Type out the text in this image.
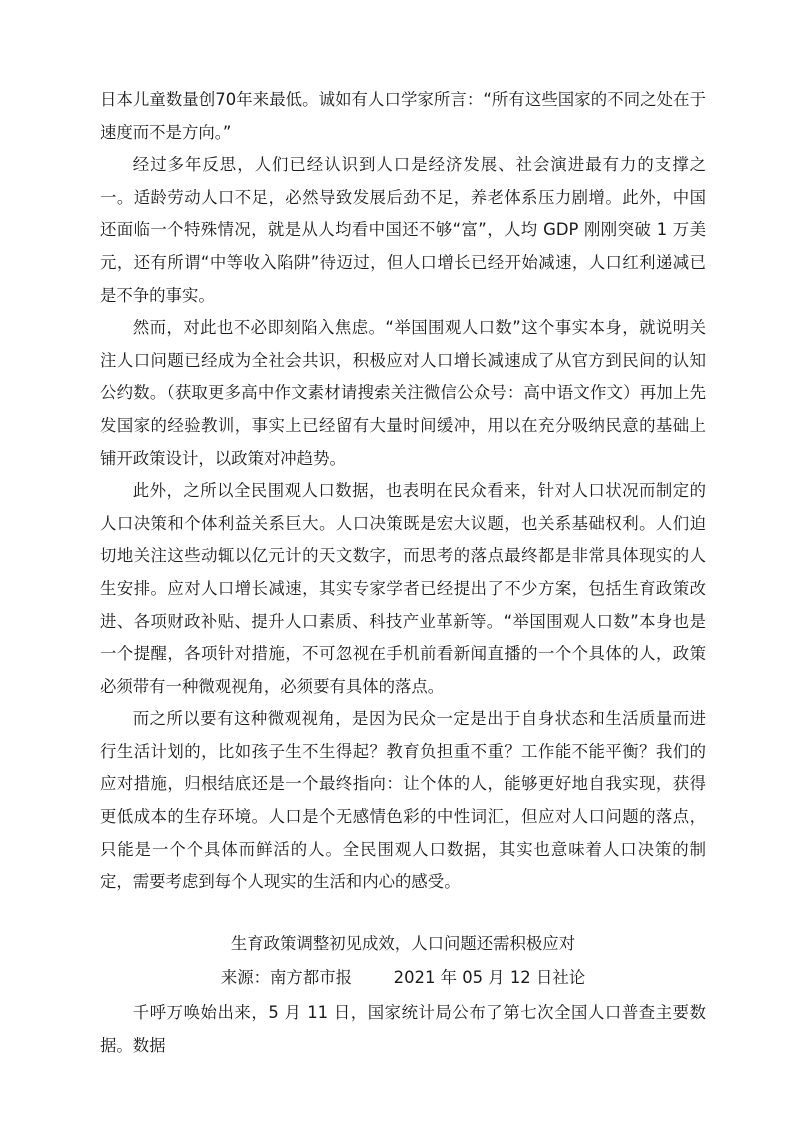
日本儿童数量创70年来最低。诚如有人口学家所言：“所有这些国家的不同之处在于速度而不是方向。”

经过多年反思，人们已经认识到人口是经济发展、社会演进最有力的支撑之一。适龄劳动人口不足，必然导致发展后劲不足，养老体系压力剧增。此外，中国还面临一个特殊情况，就是从人均看中国还不够“富”，人均 GDP 刚刚突破 1 万美元，还有所谓“中等收入陷阱”待迈过，但人口增长已经开始减速，人口红利递减已是不争的事实。

然而，对此也不必即刻陷入焦虑。“举国围观人口数”这个事实本身，就说明关注人口问题已经成为全社会共识，积极应对人口增长减速成了从官方到民间的认知公约数。（获取更多高中作文素材请搜索关注微信公众号：高中语文作文）再加上先发国家的经验教训，事实上已经留有大量时间缓冲，用以在充分吸纳民意的基础上铺开政策设计，以政策对冲趋势。

此外，之所以全民围观人口数据，也表明在民众看来，针对人口状况而制定的人口决策和个体利益关系巨大。人口决策既是宏大议题，也关系基础权利。人们迫切地关注这些动辄以亿元计的天文数字，而思考的落点最终都是非常具体现实的人生安排。应对人口增长减速，其实专家学者已经提出了不少方案，包括生育政策改进、各项财政补贴、提升人口素质、科技产业革新等。“举国围观人口数”本身也是一个提醒，各项针对措施，不可忽视在手机前看新闻直播的一个个具体的人，政策必须带有一种微观视角，必须要有具体的落点。

而之所以要有这种微观视角，是因为民众一定是出于自身状态和生活质量而进行生活计划的，比如孩子生不生得起？教育负担重不重？工作能不能平衡？我们的应对措施，归根结底还是一个最终指向：让个体的人，能够更好地自我实现，获得更低成本的生存环境。人口是个无感情色彩的中性词汇，但应对人口问题的落点，只能是一个个具体而鲜活的人。全民围观人口数据，其实也意味着人口决策的制定，需要考虑到每个人现实的生活和内心的感受。

生育政策调整初见成效，人口问题还需积极应对

来源：南方都市报        2021 年 05 月 12 日社论

千呼万唤始出来，5 月 11 日，国家统计局公布了第七次全国人口普查主要数据。数据
